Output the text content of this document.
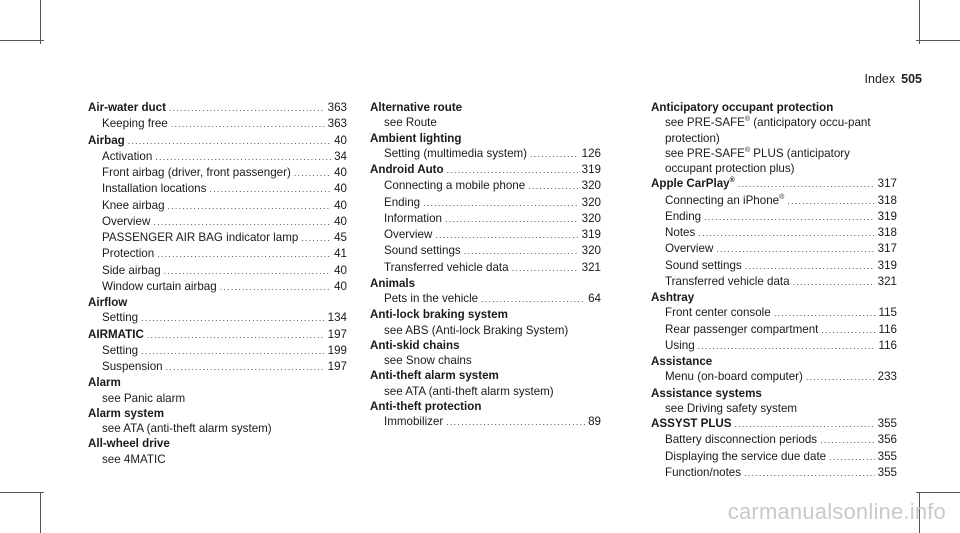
Index 505
Air-water duct .....	363
Keeping free .....	363
Airbag .....	40
Activation .....	34
Front airbag (driver, front passenger) .....	40
Installation locations .....	40
Knee airbag .....	40
Overview .....	40
PASSENGER AIR BAG indicator lamp .....	45
Protection .....	41
Side airbag .....	40
Window curtain airbag .....	40
Airflow
Setting .....	134
AIRMATIC .....	197
Setting .....	199
Suspension .....	197
Alarm
see Panic alarm
Alarm system
see ATA (anti-theft alarm system)
All-wheel drive
see 4MATIC
Alternative route
see Route
Ambient lighting
Setting (multimedia system) .....	126
Android Auto .....	319
Connecting a mobile phone .....	320
Ending .....	320
Information .....	320
Overview .....	319
Sound settings .....	320
Transferred vehicle data .....	321
Animals
Pets in the vehicle .....	64
Anti-lock braking system
see ABS (Anti-lock Braking System)
Anti-skid chains
see Snow chains
Anti-theft alarm system
see ATA (anti-theft alarm system)
Anti-theft protection
Immobilizer .....	89
Anticipatory occupant protection
see PRE-SAFE® (anticipatory occu-pant protection)
see PRE-SAFE® PLUS (anticipatory occupant protection plus)
Apple CarPlay® .....	317
Connecting an iPhone® .....	318
Ending .....	319
Notes .....	318
Overview .....	317
Sound settings .....	319
Transferred vehicle data .....	321
Ashtray
Front center console .....	115
Rear passenger compartment .....	116
Using .....	116
Assistance
Menu (on-board computer) .....	233
Assistance systems
see Driving safety system
ASSYST PLUS .....	355
Battery disconnection periods .....	356
Displaying the service due date .....	355
Function/notes .....	355
carmanualsonline.info
